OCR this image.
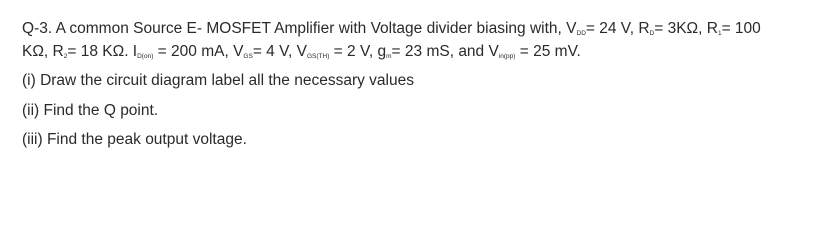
Q-3. A common Source E- MOSFET Amplifier with Voltage divider biasing with, $V_{DD}= 24$ V, $R_D= 3K\Omega$, $R_1= 100$
KΩ, $R_2= 18$ KΩ. $I_{D(on)} = 200$ mA, $V_{GS}= 4$ V, $V_{GS(TH)} = 2$ V, $g_m= 23$ mS, and $V_{in(pp)} = 25$ mV.
(i) Draw the circuit diagram label all the necessary values
(ii) Find the Q point.
(iii) Find the peak output voltage.
